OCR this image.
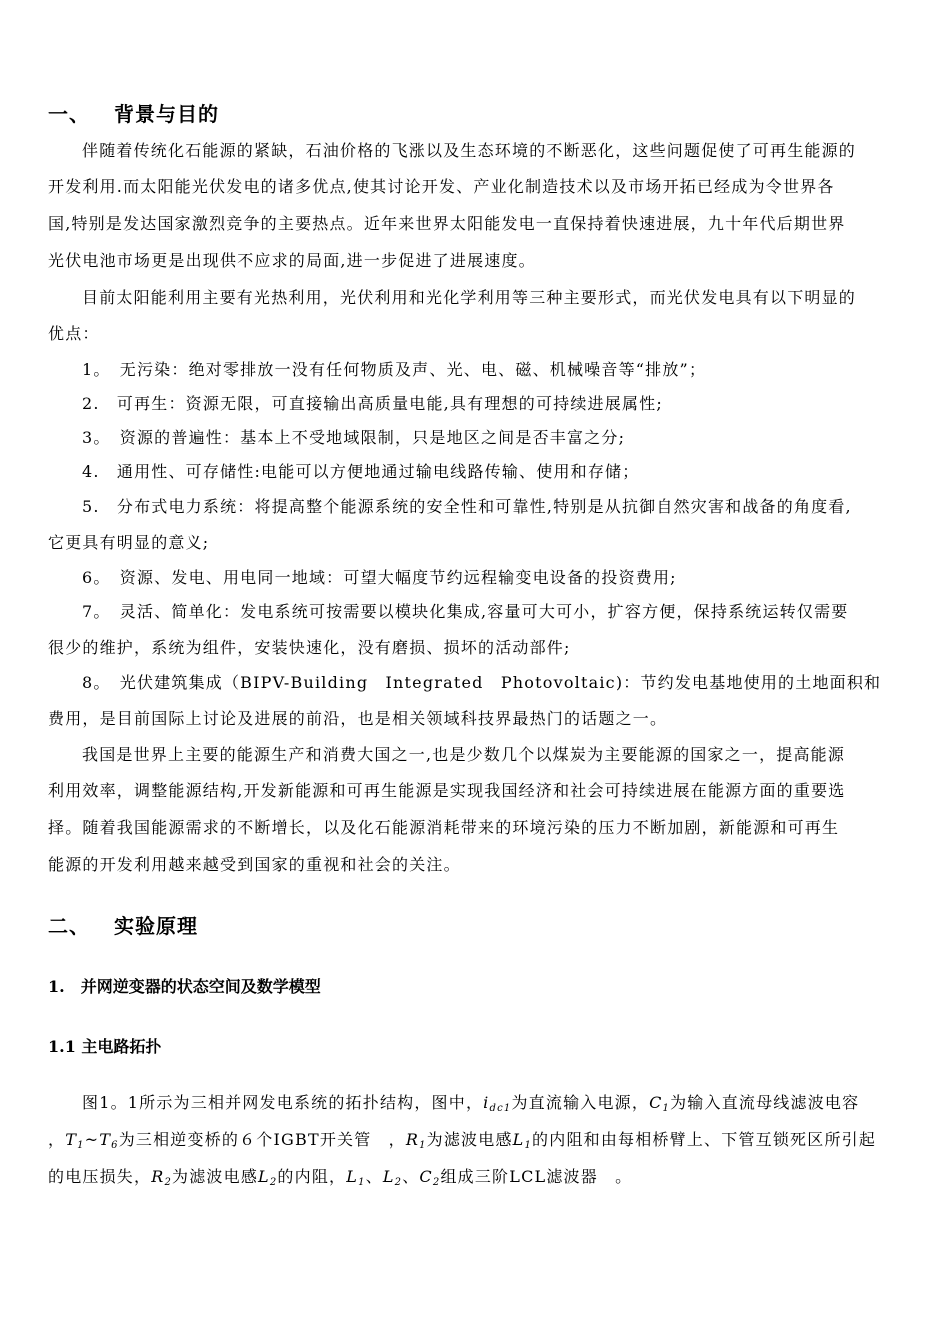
一、 背景与目的
伴随着传统化石能源的紧缺，石油价格的飞涨以及生态环境的不断恶化，这些问题促使了可再生能源的
开发利用.而太阳能光伏发电的诸多优点,使其讨论开发、产业化制造技术以及市场开拓已经成为令世界各
国,特别是发达国家激烈竞争的主要热点。近年来世界太阳能发电一直保持着快速进展，九十年代后期世界
光伏电池市场更是出现供不应求的局面,进一步促进了进展速度。
目前太阳能利用主要有光热利用，光伏利用和光化学利用等三种主要形式，而光伏发电具有以下明显的
优点：
1。　无污染：绝对零排放一没有任何物质及声、光、电、磁、机械噪音等“排放”；
2.　可再生：资源无限，可直接输出高质量电能,具有理想的可持续进展属性;
3。　资源的普遍性：基本上不受地域限制，只是地区之间是否丰富之分;
4.　通用性、可存储性:电能可以方便地通过输电线路传输、使用和存储；
5.　分布式电力系统：将提高整个能源系统的安全性和可靠性,特别是从抗御自然灾害和战备的角度看,
它更具有明显的意义;
6。　资源、发电、用电同一地域：可望大幅度节约远程输变电设备的投资费用;
7。　灵活、简单化：发电系统可按需要以模块化集成,容量可大可小，扩容方便，保持系统运转仅需要
很少的维护，系统为组件，安装快速化，没有磨损、损坏的活动部件;
8。　光伏建筑集成（BIPV-Building　Integrated　Photovoltaic)：节约发电基地使用的土地面积和
费用，是目前国际上讨论及进展的前沿，也是相关领域科技界最热门的话题之一。
我国是世界上主要的能源生产和消费大国之一,也是少数几个以煤炭为主要能源的国家之一，提高能源
利用效率，调整能源结构,开发新能源和可再生能源是实现我国经济和社会可持续进展在能源方面的重要选
择。随着我国能源需求的不断增长，以及化石能源消耗带来的环境污染的压力不断加剧，新能源和可再生
能源的开发利用越来越受到国家的重视和社会的关注。
二、 实验原理
1.　并网逆变器的状态空间及数学模型
1.1 主电路拓扑
图1。1所示为三相并网发电系统的拓扑结构，图中，$i_{dc1}$为直流输入电源，$C_1$为输入直流母线滤波电容
，$T_1\sim T_6$为三相逆变桥的６个IGBT开关管　，$R_1$为滤波电感$L_1$的内阻和由每相桥臂上、下管互锁死区所引起
的电压损失，$R_2$为滤波电感$L_2$的内阻，$L_1$、$L_2$、$C_2$组成三阶LCL滤波器　。
